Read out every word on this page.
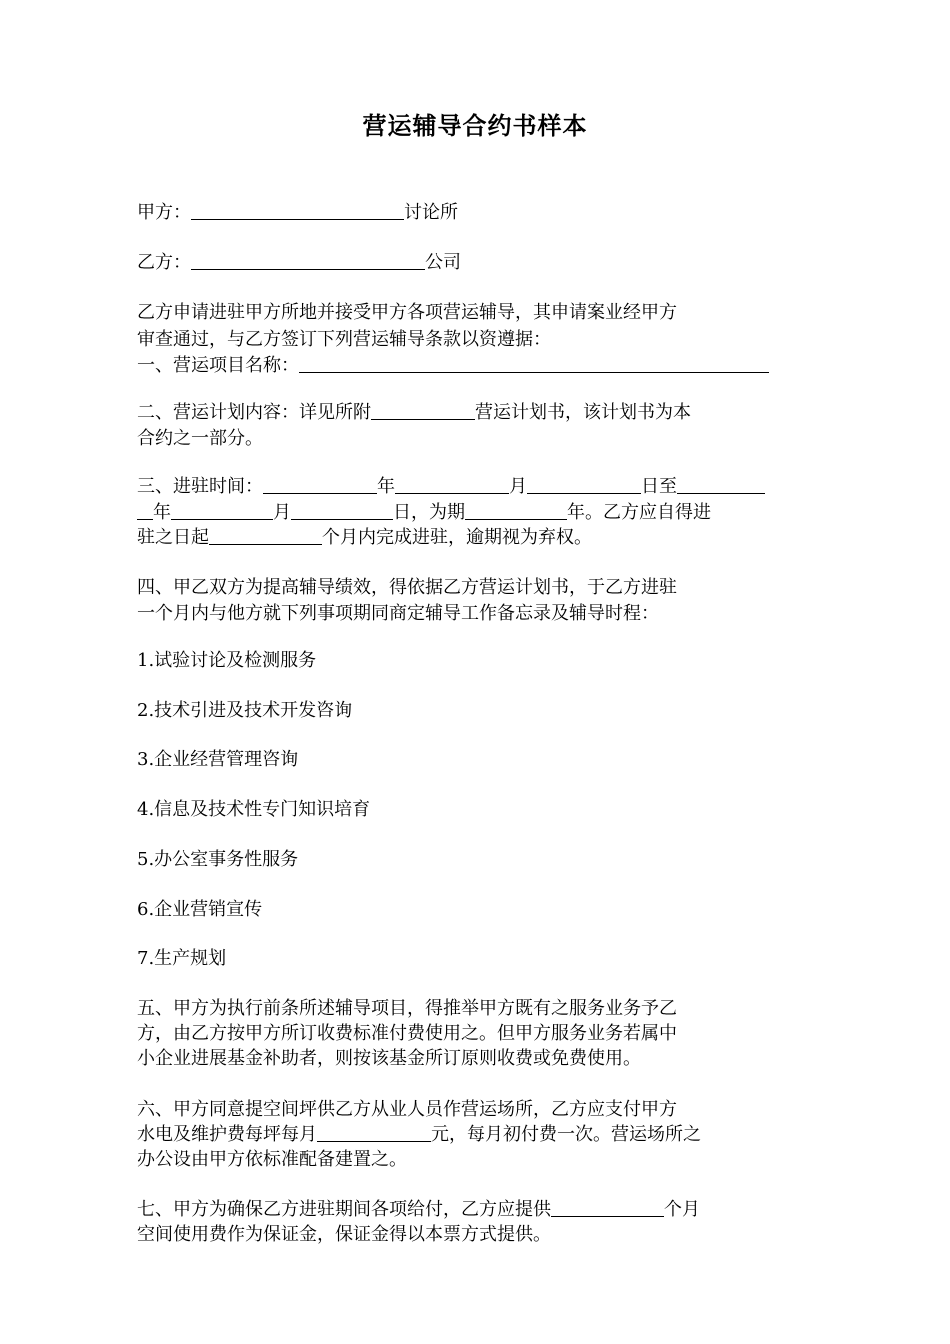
营运辅导合约书样本
甲方：	讨论所
乙方：	公司
乙方申请进驻甲方所地并接受甲方各项营运辅导，其申请案业经甲方
审查通过，与乙方签订下列营运辅导条款以资遵据：
一、营运项目名称：
二、营运计划内容：详见所附	营运计划书，该计划书为本
合约之一部分。
三、进驻时间：	年	月	日至
年	月	日，为期	年。乙方应自得进
驻之日起	个月内完成进驻，逾期视为弃权。
四、甲乙双方为提高辅导绩效，得依据乙方营运计划书，于乙方进驻
一个月内与他方就下列事项期同商定辅导工作备忘录及辅导时程：
1.试验讨论及检测服务
2.技术引进及技术开发咨询
3.企业经营管理咨询
4.信息及技术性专门知识培育
5.办公室事务性服务
6.企业营销宣传
7.生产规划
五、甲方为执行前条所述辅导项目，得推举甲方既有之服务业务予乙
方，由乙方按甲方所订收费标准付费使用之。但甲方服务业务若属中
小企业进展基金补助者，则按该基金所订原则收费或免费使用。
六、甲方同意提空间坪供乙方从业人员作营运场所，乙方应支付甲方
水电及维护费每坪每月	元，每月初付费一次。营运场所之
办公设由甲方依标准配备建置之。
七、甲方为确保乙方进驻期间各项给付，乙方应提供	个月
空间使用费作为保证金，保证金得以本票方式提供。
